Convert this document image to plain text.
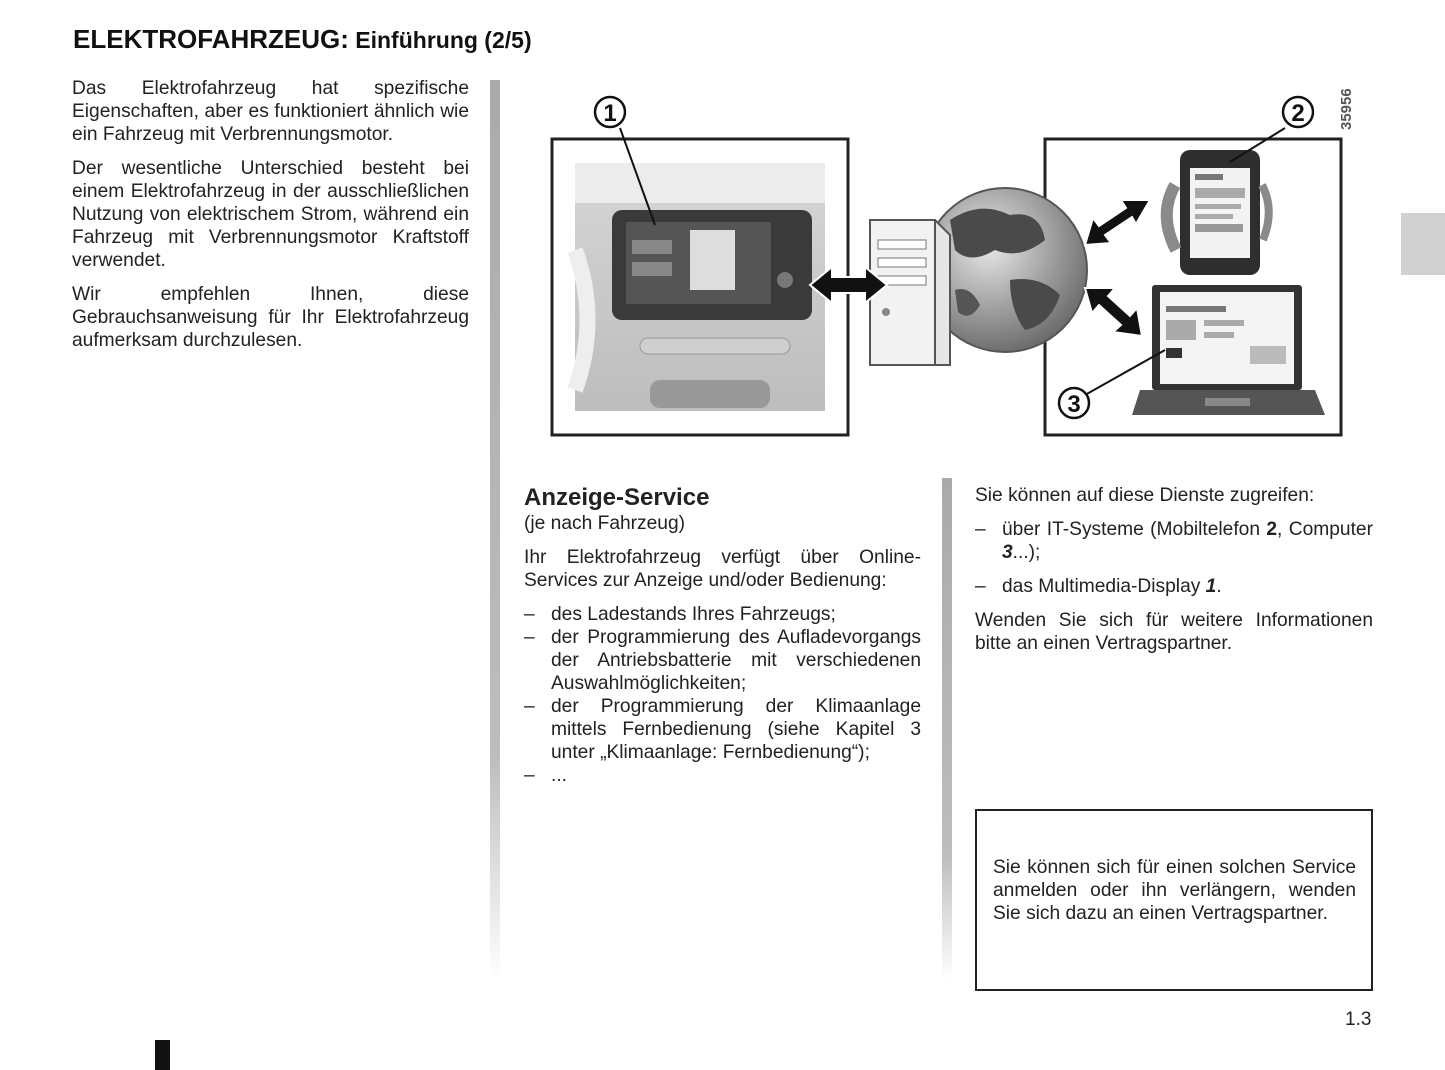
ELEKTROFAHRZEUG: Einführung (2/5)

Das Elektrofahrzeug hat spezifische Eigenschaften, aber es funktioniert ähnlich wie ein Fahrzeug mit Verbrennungsmotor.

Der wesentliche Unterschied besteht bei einem Elektrofahrzeug in der ausschließlichen Nutzung von elektrischem Strom, während ein Fahrzeug mit Verbrennungsmotor Kraftstoff verwendet.

Wir empfehlen Ihnen, diese Gebrauchsanweisung für Ihr Elektrofahrzeug aufmerksam durchzulesen.

35956
1	2
3
Anzeige-Service

(je nach Fahrzeug)

Ihr Elektrofahrzeug verfügt über Online-Services zur Anzeige und/oder Bedienung:

– des Ladestands Ihres Fahrzeugs;
– der Programmierung des Aufladevorgangs der Antriebsbatterie mit verschiedenen Auswahlmöglichkeiten;
– der Programmierung der Klimaanlage mittels Fernbedienung (siehe Kapitel 3 unter „Klimaanlage: Fernbedienung“);
– ...

Sie können auf diese Dienste zugreifen:

– über IT-Systeme (Mobiltelefon 2, Computer 3...);
– das Multimedia-Display 1.

Wenden Sie sich für weitere Informationen bitte an einen Vertragspartner.

Sie können sich für einen solchen Service anmelden oder ihn verlängern, wenden Sie sich dazu an einen Vertragspartner.

1.3
